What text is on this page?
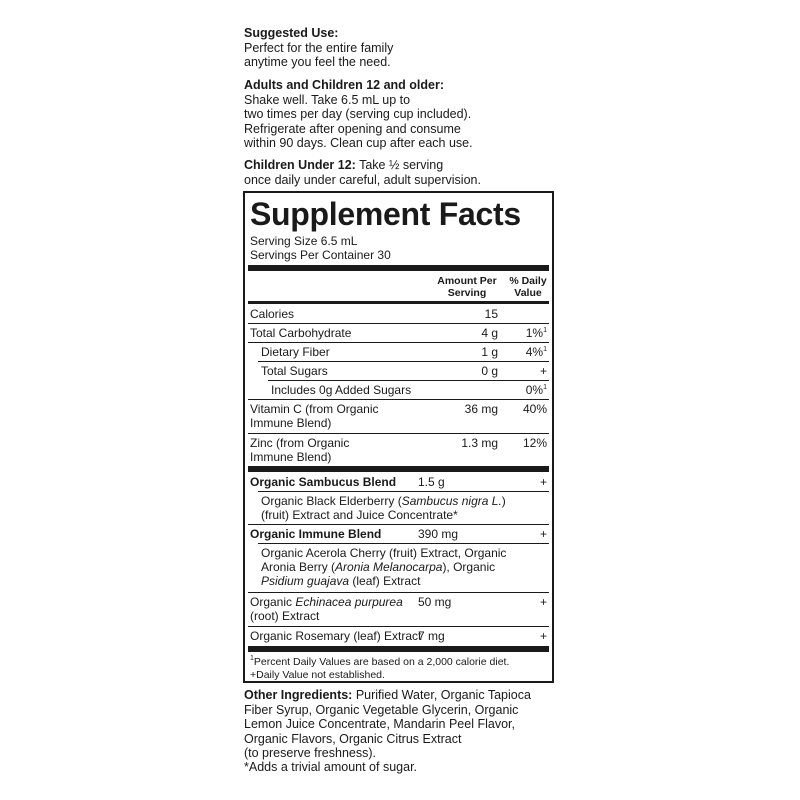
Suggested Use:

Perfect for the entire family

anytime you feel the need.

Adults and Children 12 and older:

Shake well. Take 6.5 mL up to

two times per day (serving cup included).

Refrigerate after opening and consume

within 90 days. Clean cup after each use.

Children Under 12: Take ½ serving

once daily under careful, adult supervision.

Supplement Facts
Serving Size 6.5 mL
Servings Per Container 30
Amount Per
Serving
% Daily
Value
Calories	15
Total Carbohydrate	4 g	1%$^1$
Dietary Fiber	1 g	4%$^1$
Total Sugars	0 g	+
Includes 0g Added Sugars	0%$^1$
Vitamin C (from Organic
Immune Blend)
36 mg	40%
Zinc (from Organic
Immune Blend)
1.3 mg	12%
Organic Sambucus Blend 1.5 g	+
Organic Black Elderberry (Sambucus nigra L.)
(fruit) Extract and Juice Concentrate*
Organic Immune Blend	390 mg	+
Organic Acerola Cherry (fruit) Extract, Organic
Aronia Berry (Aronia Melanocarpa), Organic
Psidium guajava (leaf) Extract
Organic Echinacea purpurea
(root) Extract
50 mg	+
Organic Rosemary (leaf) Extract
7 mg	+
$^1$Percent Daily Values are based on a 2,000 calorie diet.
+Daily Value not established.

Other Ingredients: Purified Water, Organic Tapioca

Fiber Syrup, Organic Vegetable Glycerin, Organic

Lemon Juice Concentrate, Mandarin Peel Flavor,

Organic Flavors, Organic Citrus Extract

(to preserve freshness).

*Adds a trivial amount of sugar.
